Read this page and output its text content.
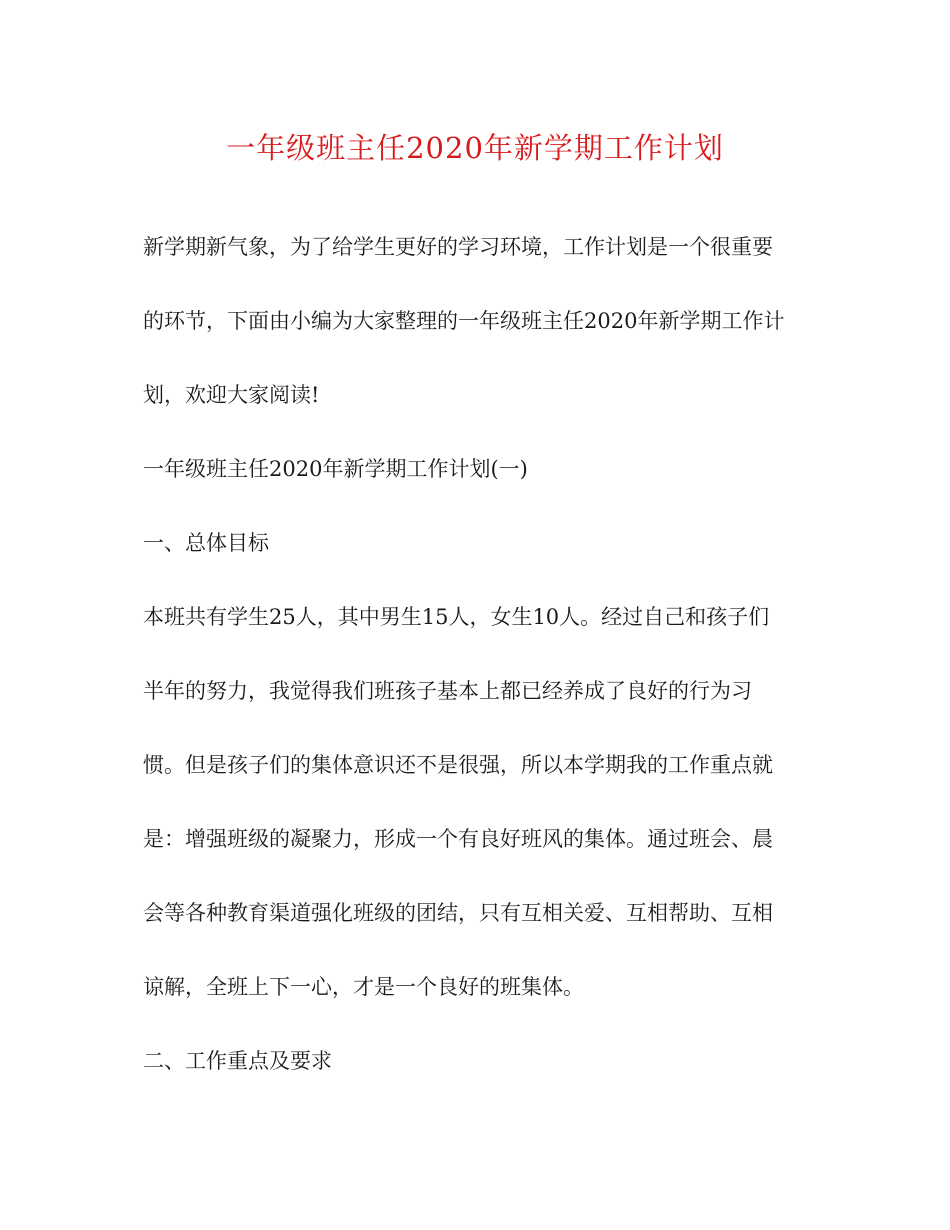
一年级班主任2020年新学期工作计划
新学期新气象，为了给学生更好的学习环境，工作计划是一个很重要
的环节，下面由小编为大家整理的一年级班主任2020年新学期工作计
划，欢迎大家阅读!
一年级班主任2020年新学期工作计划(一)
一、总体目标
本班共有学生25人，其中男生15人，女生10人。经过自己和孩子们
半年的努力，我觉得我们班孩子基本上都已经养成了良好的行为习
惯。但是孩子们的集体意识还不是很强，所以本学期我的工作重点就
是：增强班级的凝聚力，形成一个有良好班风的集体。通过班会、晨
会等各种教育渠道强化班级的团结，只有互相关爱、互相帮助、互相
谅解，全班上下一心，才是一个良好的班集体。
二、工作重点及要求
